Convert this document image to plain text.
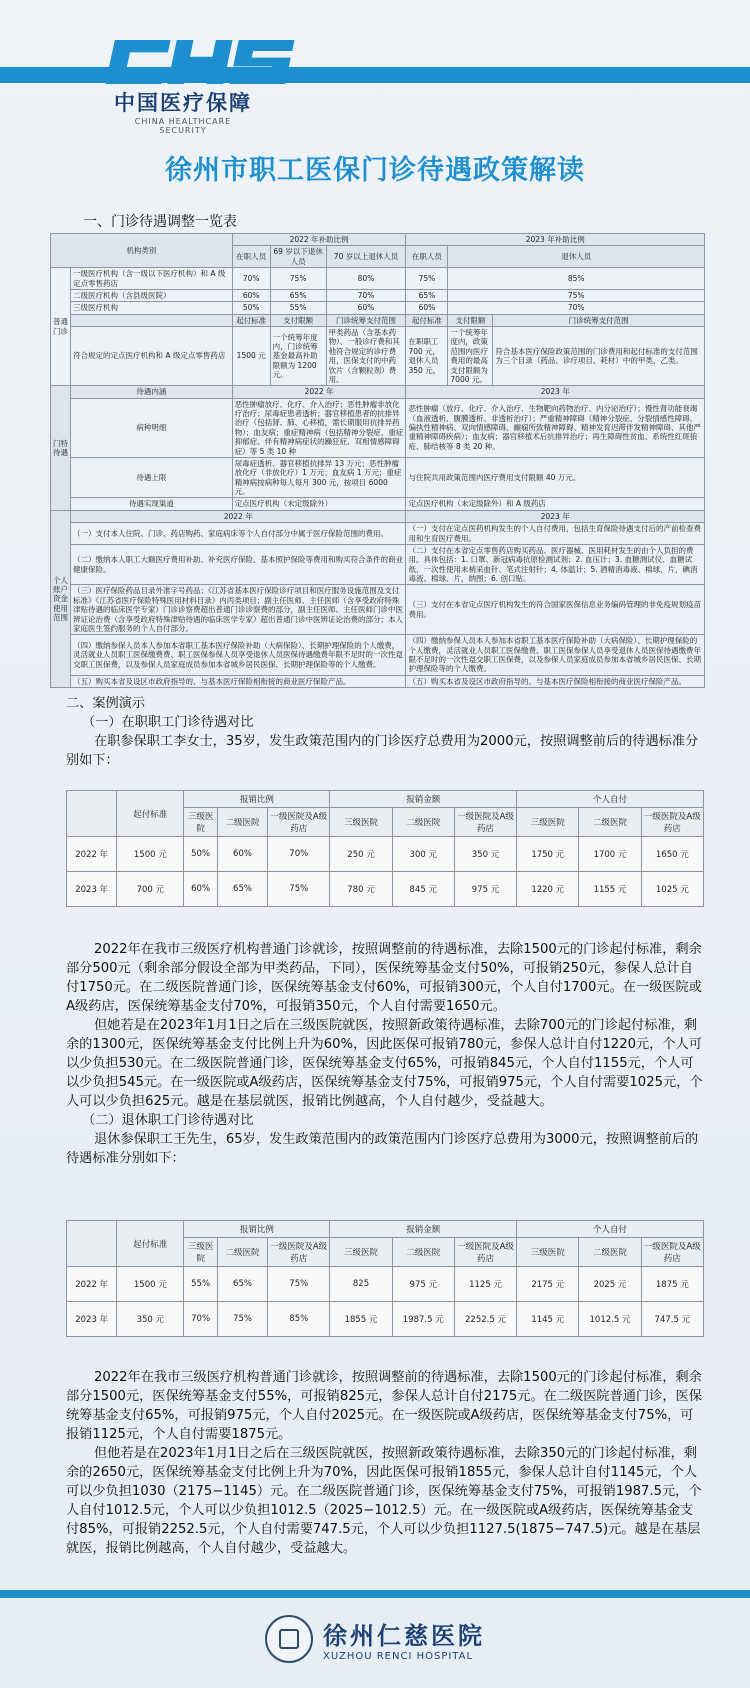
中国医疗保障
CHINA HEALTHCARE SECURITY
徐州市职工医保门诊待遇政策解读
一、门诊待遇调整一览表
机构类别		2022 年补助比例			2023 年补助比例		
		在职人员	69 岁以下退休人员	70 岁以上退休人员	在职人员	退休人员	
普通门诊	一级医疗机构（含一级以下医疗机构）和 A 级定点零售药店	70%	75%	80%	75%	85%	
	二级医疗机构（含县级医院）	60%	65%	70%	65%	75%	
	三级医疗机构	50%	55%	60%	60%	70%	
		起付标准	支付限额	门诊统筹支付范围	起付标准	支付限额	门诊统筹支付范围
	符合规定的定点医疗机构和 A 级定点零售药店	1500 元	一个统筹年度内，门诊统筹基金最高补助限额为 1200 元。	甲类药品（含基本药物）、一般诊疗费和其他符合规定的诊疗费用，医保支付的中药饮片（含颗粒剂）费用。	在职职工 700 元，退休人员 350 元。	一个统筹年度内，政策范围内医疗费用的最高支付限额为 7000 元。	符合基本医疗保险政策范围的门诊费用和起付标准的支付范围为三个目录（药品、诊疗项目、耗材）中的甲类、乙类。

门特待遇	待遇内涵	2022 年			2023 年		
	病种明细	恶性肿瘤放疗、化疗、介入治疗；恶性肿瘤非放化疗治疗；尿毒症患者透析；器官移植患者的抗排异治疗（包括肾、肺、心移植，需长期服用抗排异药物）；血友病；重症精神病（包括精神分裂症、重症抑郁症、伴有精神病症状的躁狂症、双相情感障碍症）等 5 类 10 种			恶性肿瘤（放疗、化疗、介入治疗、生物靶向药物治疗、内分泌治疗）；慢性肾功能衰竭（血液透析、腹膜透析、非透析治疗）；严重精神障碍（精神分裂症、分裂情感性障碍、偏执性精神病、双向情感障碍、癫痫所致精神障碍、精神发育迟滞伴发精神障碍、其他严重精神障碍疾病）；血友病；器官移植术后抗排异治疗；再生障碍性贫血、系统性红斑狼疮、肺结核等 8 类 20 种。		
	待遇上限	尿毒症透析、器官移植抗排异 13 万元；恶性肿瘤放化疗（非放化疗）1 万元；血友病 1 万元；重症精神病按病种每人每月 300 元，按项目 6000 元。			与住院共用政策范围内医疗费用支付限额 40 万元。		
	待遇实现渠道	定点医疗机构（未定级除外）			定点医疗机构（未定级除外）和 A 级药店		
个人账户资金使用范围	2022 年				2023 年		
	（一）支付本人住院、门诊、药店购药、家庭病床等个人自付部分中属于医疗保险范围的费用。				（一）支付在定点医药机构发生的个人自付费用，包括生育保险待遇支付后的产前检查费用和生育医疗费用。		
	（二）缴纳本人职工大额医疗费用补助、补充医疗保险、基本照护保险等费用和购买符合条件的商业健康保险。				（二）支付在本省定点零售药店购买药品、医疗器械、医用耗材发生的由个人负担的费用。具体包括：1. 口罩、新冠病毒抗原检测试剂；2. 血压计；3. 血糖测试仪、血糖试纸、一次性使用末梢采血针、笔式注射针；4. 体温计；5. 酒精消毒液、棉球、片，碘消毒液、棉球、片，纳图；6. 创口贴。		
	（三）医疗保险药品目录外准字号药品；《江苏省基本医疗保险诊疗项目和医疗服务设施范围及支付标准》《江苏省医疗保险特殊医用材料目录》内丙类项目；副主任医师、主任医师（含享受政府特殊津贴待遇的临床医学专家）门诊诊察费超出普通门诊诊察费的部分，副主任医师、主任医师门诊中医辨证论治费（含享受政府特殊津贴待遇的临床医学专家）超出普通门诊中医辨证论治费的部分；本人家庭医生签约服务的个人自付部分。				（三）支付在本省定点医疗机构发生的符合国家医保信息业务编码管理的非免疫规划疫苗费用。		
	（四）缴纳参保人员本人参加本省职工基本医疗保险补助（大病保险）、长期护理保险的个人缴费，灵活就业人员职工医保缴费费、职工医保参保人员享受退休人员医保待遇缴费年限不足时的一次性趸交职工医保费，以及参保人员家庭成员参加本省城乡居民医保、长期护理保险等的个人缴费。				（四）缴纳参保人员本人参加本省职工基本医疗保险补助（大病保险）、长期护理保险的个人缴费，灵活就业人员职工医保缴费、职工医保参保人员享受退休人员医保待遇缴费年限不足时的一次性趸交职工医保费，以及参保人员家庭成员参加本省城乡居民医保、长期护理保险等的个人缴费。		
	（五）购买本省及设区市政府指导的、与基本医疗保险相衔接的商业医疗保险产品。				（五）购买本省及设区市政府指导的、与基本医疗保险相衔接的商业医疗保险产品。		

二、案例演示

（一）在职职工门诊待遇对比

在职参保职工李女士，35岁，发生政策范围内的门诊医疗总费用为2000元，按照调整前后的待遇标准分别如下：

	起付标准	报销比例			报销金额			个人自付		
		三级医院	二级医院	一级医院及A级药店	三级医院	二级医院	一级医院及A级药店	三级医院	二级医院	一级医院及A级药店
2022 年	1500 元	50%	60%	70%	250 元	300 元	350 元	1750 元	1700 元	1650 元
2023 年	700 元	60%	65%	75%	780 元	845 元	975 元	1220 元	1155 元	1025 元

2022年在我市三级医疗机构普通门诊就诊，按照调整前的待遇标准，去除1500元的门诊起付标准，剩余部分500元（剩余部分假设全部为甲类药品，下同），医保统筹基金支付50%，可报销250元，参保人总计自付1750元。在二级医院普通门诊，医保统筹基金支付60%，可报销300元，个人自付1700元。在一级医院或A级药店，医保统筹基金支付70%，可报销350元，个人自付需要1650元。

但她若是在2023年1月1日之后在三级医院就医，按照新政策待遇标准，去除700元的门诊起付标准，剩余的1300元，医保统筹基金支付比例上升为60%，因此医保可报销780元，参保人总计自付1220元，个人可以少负担530元。在二级医院普通门诊，医保统筹基金支付65%，可报销845元，个人自付1155元，个人可以少负担545元。在一级医院或A级药店，医保统筹基金支付75%，可报销975元，个人自付需要1025元，个人可以少负担625元。越是在基层就医，报销比例越高，个人自付越少，受益越大。

（二）退休职工门诊待遇对比

退休参保职工王先生，65岁，发生政策范围内的政策范围内门诊医疗总费用为3000元，按照调整前后的待遇标准分别如下：

	起付标准	报销比例			报销金额			个人自付		
		三级医院	二级医院	一级医院及A级药店	三级医院	二级医院	一级医院及A级药店	三级医院	二级医院	一级医院及A级药店
2022 年	1500 元	55%	65%	75%	825	975 元	1125 元	2175 元	2025 元	1875 元
2023 年	350 元	70%	75%	85%	1855 元	1987.5 元	2252.5 元	1145 元	1012.5 元	747.5 元

2022年在我市三级医疗机构普通门诊就诊，按照调整前的待遇标准，去除1500元的门诊起付标准，剩余部分1500元，医保统筹基金支付55%，可报销825元，参保人总计自付2175元。在二级医院普通门诊，医保统筹基金支付65%，可报销975元，个人自付2025元。在一级医院或A级药店，医保统筹基金支付75%，可报销1125元，个人自付需要1875元。

但他若是在2023年1月1日之后在三级医院就医，按照新政策待遇标准，去除350元的门诊起付标准，剩余的2650元，医保统筹基金支付比例上升为70%，因此医保可报销1855元，参保人总计自付1145元，个人可以少负担1030（2175−1145）元。在二级医院普通门诊，医保统筹基金支付75%，可报销1987.5元，个人自付1012.5元，个人可以少负担1012.5（2025−1012.5）元。在一级医院或A级药店，医保统筹基金支付85%，可报销2252.5元，个人自付需要747.5元，个人可以少负担1127.5(1875−747.5)元。越是在基层就医，报销比例越高，个人自付越少，受益越大。

徐州仁慈医院
XUZHOU RENCI HOSPITAL
